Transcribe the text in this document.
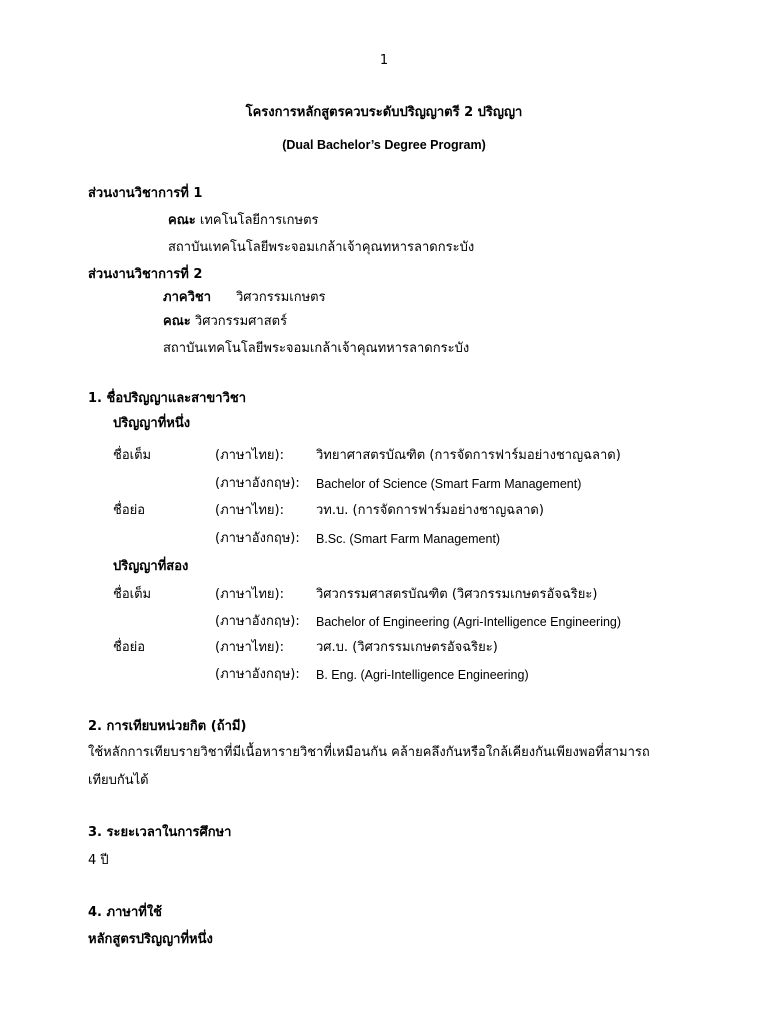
1
โครงการหลักสูตรควบระดับปริญญาตรี 2 ปริญญา
(Dual Bachelor’s Degree Program)
ส่วนงานวิชาการที่ 1
คณะ เทคโนโลยีการเกษตร
สถาบันเทคโนโลยีพระจอมเกล้าเจ้าคุณทหารลาดกระบัง
ส่วนงานวิชาการที่ 2
ภาควิชา วิศวกรรมเกษตร
คณะ วิศวกรรมศาสตร์
สถาบันเทคโนโลยีพระจอมเกล้าเจ้าคุณทหารลาดกระบัง
1. ชื่อปริญญาและสาขาวิชา
ปริญญาที่หนึ่ง
ชื่อเต็ม	(ภาษาไทย): วิทยาศาสตรบัณฑิต (การจัดการฟาร์มอย่างชาญฉลาด)
(ภาษาอังกฤษ): Bachelor of Science (Smart Farm Management)
ชื่อย่อ	(ภาษาไทย): วท.บ. (การจัดการฟาร์มอย่างชาญฉลาด)
(ภาษาอังกฤษ): B.Sc. (Smart Farm Management)
ปริญญาที่สอง
ชื่อเต็ม	(ภาษาไทย): วิศวกรรมศาสตรบัณฑิต (วิศวกรรมเกษตรอัจฉริยะ)
(ภาษาอังกฤษ): Bachelor of Engineering (Agri-Intelligence Engineering)
ชื่อย่อ	(ภาษาไทย): วศ.บ. (วิศวกรรมเกษตรอัจฉริยะ)
(ภาษาอังกฤษ): B. Eng. (Agri-Intelligence Engineering)
2. การเทียบหน่วยกิต (ถ้ามี)
ใช้หลักการเทียบรายวิชาที่มีเนื้อหารายวิชาที่เหมือนกัน คล้ายคลึงกันหรือใกล้เคียงกันเพียงพอที่สามารถ
เทียบกันได้
3. ระยะเวลาในการศึกษา
4 ปี
4. ภาษาที่ใช้
หลักสูตรปริญญาที่หนึ่ง
